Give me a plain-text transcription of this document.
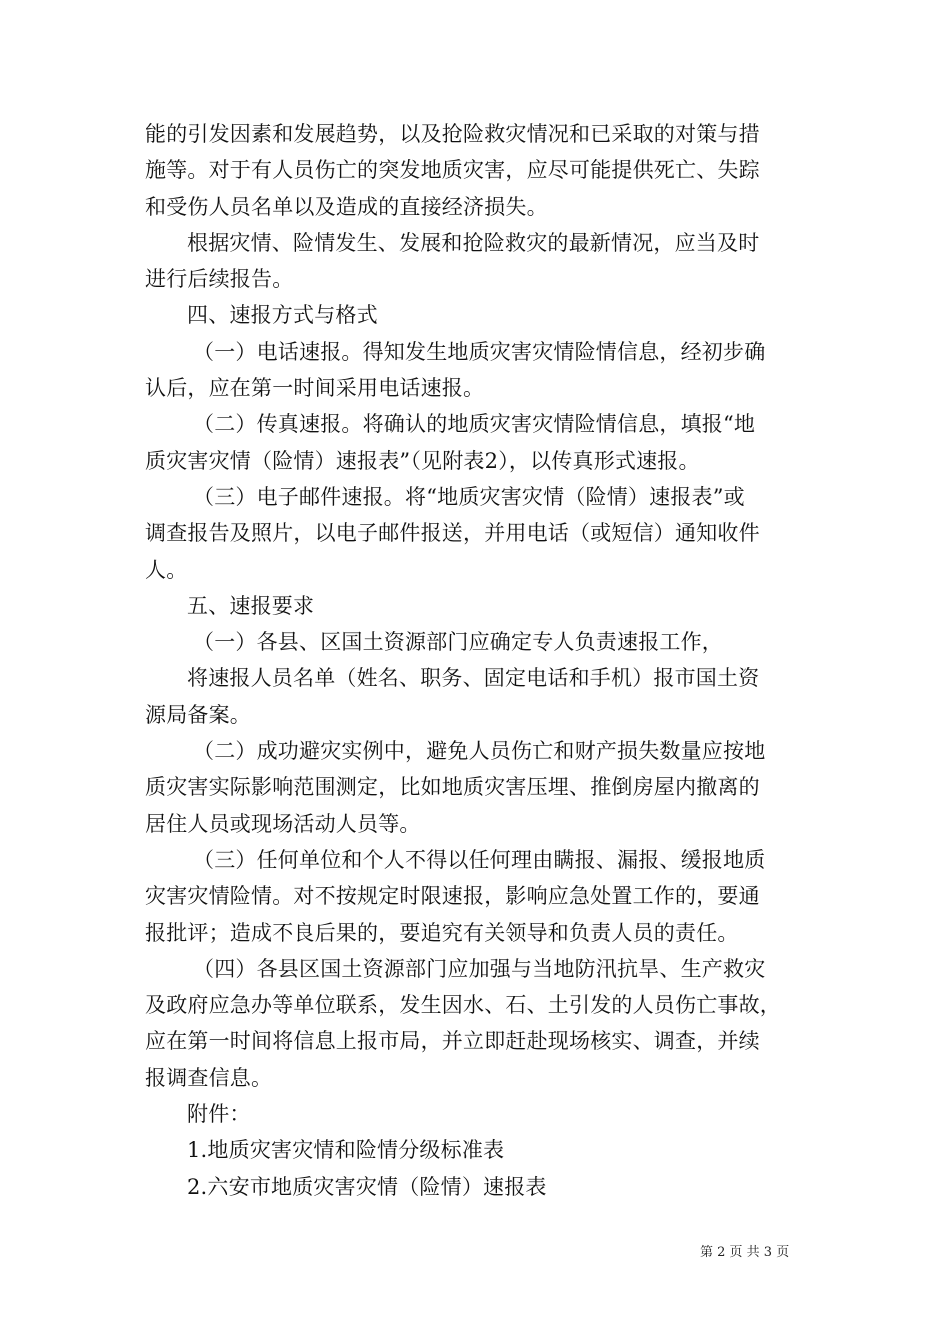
能的引发因素和发展趋势，以及抢险救灾情况和已采取的对策与措
施等。对于有人员伤亡的突发地质灾害，应尽可能提供死亡、失踪
和受伤人员名单以及造成的直接经济损失。
根据灾情、险情发生、发展和抢险救灾的最新情况，应当及时
进行后续报告。
四、速报方式与格式
（一）电话速报。得知发生地质灾害灾情险情信息，经初步确
认后，应在第一时间采用电话速报。
（二）传真速报。将确认的地质灾害灾情险情信息，填报“地
质灾害灾情（险情）速报表”（见附表2），以传真形式速报。
（三）电子邮件速报。将“地质灾害灾情（险情）速报表”或
调查报告及照片，以电子邮件报送，并用电话（或短信）通知收件
人。
五、速报要求
（一）各县、区国土资源部门应确定专人负责速报工作，
将速报人员名单（姓名、职务、固定电话和手机）报市国土资
源局备案。
（二）成功避灾实例中，避免人员伤亡和财产损失数量应按地
质灾害实际影响范围测定，比如地质灾害压埋、推倒房屋内撤离的
居住人员或现场活动人员等。
（三）任何单位和个人不得以任何理由瞒报、漏报、缓报地质
灾害灾情险情。对不按规定时限速报，影响应急处置工作的，要通
报批评；造成不良后果的，要追究有关领导和负责人员的责任。
（四）各县区国土资源部门应加强与当地防汛抗旱、生产救灾
及政府应急办等单位联系，发生因水、石、土引发的人员伤亡事故，
应在第一时间将信息上报市局，并立即赶赴现场核实、调查，并续
报调查信息。
附件：
1.地质灾害灾情和险情分级标准表
2.六安市地质灾害灾情（险情）速报表
第 2 页 共 3 页
